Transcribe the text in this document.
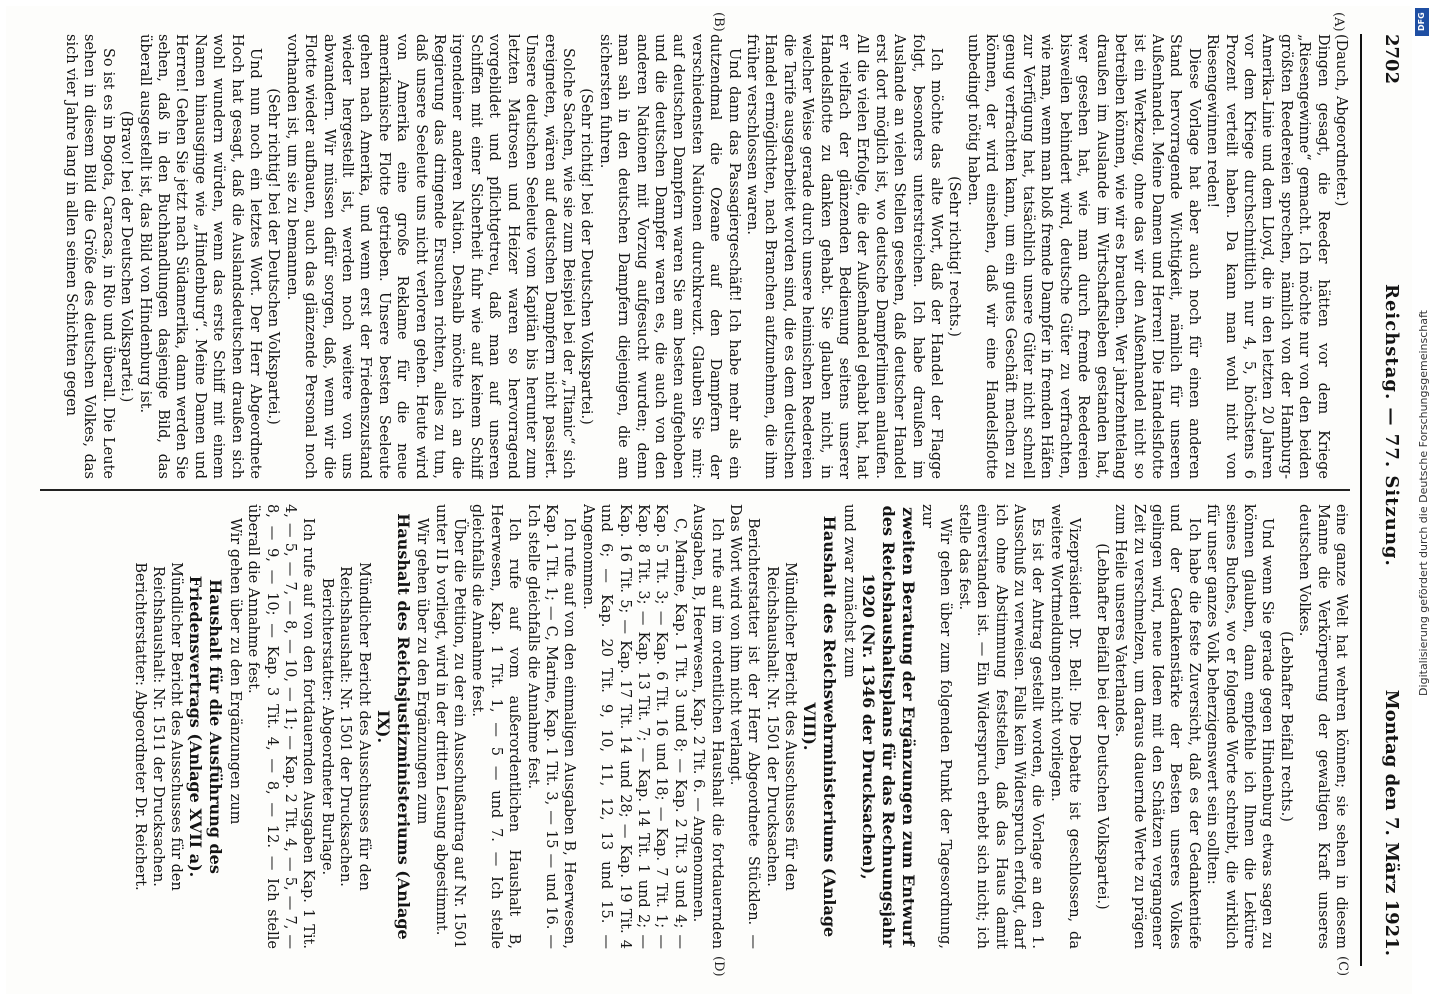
2702
Reichstag. — 77. Sitzung.
Montag den 7. März 1921.
(A)
(B)
(C)
(D)

(Dauch, Abgeordneter.)

Dingen gesagt, die Reeder hätten vor dem Kriege „Riesengewinne“ gemacht. Ich möchte nur von den beiden größten Reedereien sprechen, nämlich von der Hamburg-Amerika-Linie und dem Lloyd, die in den letzten 20 Jahren vor dem Kriege durchschnittlich nur 4, 5, höchstens 6 Prozent verteilt haben. Da kann man wohl nicht von Riesengewinnen reden!

Diese Vorlage hat aber auch noch für einen anderen Stand hervorragende Wichtigkeit, nämlich für unseren Außenhandel. Meine Damen und Herren! Die Handelsflotte ist ein Werkzeug, ohne das wir den Außenhandel nicht so betreiben können, wie wir es brauchen. Wer jahrzehntelang draußen im Auslande im Wirtschaftsleben gestanden hat, wer gesehen hat, wie man durch fremde Reedereien bisweilen behindert wird, deutsche Güter zu verfrachten, wie man, wenn man bloß fremde Dampfer in fremden Häfen zur Verfügung hat, tatsächlich unsere Güter nicht schnell genug verfrachten kann, um ein gutes Geschäft machen zu können, der wird einsehen, daß wir eine Handelsflotte unbedingt nötig haben.

(Sehr richtig! rechts.)

Ich möchte das alte Wort, daß der Handel der Flagge folgt, besonders unterstreichen. Ich habe draußen im Auslande an vielen Stellen gesehen, daß deutscher Handel erst dort möglich ist, wo deutsche Dampferlinien anlaufen. All die vielen Erfolge, die der Außenhandel gehabt hat, hat er vielfach der glänzenden Bedienung seitens unserer Handelsflotte zu danken gehabt. Sie glauben nicht, in welcher Weise gerade durch unsere heimischen Reedereien die Tarife ausgearbeitet worden sind, die es dem deutschen Handel ermöglichten, nach Branchen aufzunehmen, die ihm früher verschlossen waren.

Und dann das Passagiergeschäft! Ich habe mehr als ein dutzendmal die Ozeane auf den Dampfern der verschiedensten Nationen durchkreuzt. Glauben Sie mir: auf deutschen Dampfern waren Sie am besten aufgehoben und die deutschen Dampfer waren es, die auch von den anderen Nationen mit Vorzug aufgesucht wurden; denn man sah in den deutschen Dampfern diejenigen, die am sichersten fuhren.

(Sehr richtig! bei der Deutschen Volkspartei.)

Solche Sachen, wie sie zum Beispiel bei der „Titanic“ sich ereigneten, wären auf deutschen Dampfern nicht passiert. Unsere deutschen Seeleute vom Kapitän bis herunter zum letzten Matrosen und Heizer waren so hervorragend vorgebildet und pflichtgetreu, daß man auf unseren Schiffen mit einer Sicherheit fuhr wie auf keinem Schiff irgendeiner anderen Nation. Deshalb möchte ich an die Regierung das dringende Ersuchen richten, alles zu tun, daß unsere Seeleute uns nicht verloren gehen. Heute wird von Amerika eine große Reklame für die neue amerikanische Flotte getrieben. Unsere besten Seeleute gehen nach Amerika, und wenn erst der Friedenszustand wieder hergestellt ist, werden noch weitere von uns abwandern. Wir müssen dafür sorgen, daß, wenn wir die Flotte wieder aufbauen, auch das glänzende Personal noch vorhanden ist, um sie zu bemannen.

(Sehr richtig! bei der Deutschen Volkspartei.)

Und nun noch ein letztes Wort. Der Herr Abgeordnete Hoch hat gesagt, daß die Auslandsdeutschen draußen sich wohl wundern würden, wenn das erste Schiff mit einem Namen hinausginge wie „Hindenburg“. Meine Damen und Herren! Gehen Sie jetzt nach Südamerika, dann werden Sie sehen, daß in den Buchhandlungen dasjenige Bild, das überall ausgestellt ist, das Bild von Hindenburg ist.

(Bravo! bei der Deutschen Volkspartei.)

So ist es in Bogota, Caracas, in Rio und überall. Die Leute sehen in diesem Bild die Größe des deutschen Volkes, das sich vier Jahre lang in allen seinen Schichten gegen

eine ganze Welt hat wehren können; sie sehen in diesem Manne die Verkörperung der gewaltigen Kraft unseres deutschen Volkes.

(Lebhafter Beifall rechts.)

Und wenn Sie gerade gegen Hindenburg etwas sagen zu können glauben, dann empfehle ich Ihnen die Lektüre seines Buches, wo er folgende Worte schreibt, die wirklich für unser ganzes Volk beherzigenswert sein sollten:

Ich habe die feste Zuversicht, daß es der Gedankentiefe und der Gedankenstärke der Besten unseres Volkes gelingen wird, neue Ideen mit den Schätzen vergangener Zeit zu verschmelzen, um daraus dauernde Werte zu prägen zum Heile unseres Vaterlandes.

(Lebhafter Beifall bei der Deutschen Volkspartei.)

Vizepräsident Dr. Bell: Die Debatte ist geschlossen, da weitere Wortmeldungen nicht vorliegen.

Es ist der Antrag gestellt worden, die Vorlage an den 1. Ausschuß zu verweisen. Falls kein Widerspruch erfolgt, darf ich ohne Abstimmung feststellen, daß das Haus damit einverstanden ist. — Ein Widerspruch erhebt sich nicht; ich stelle das fest.

Wir gehen über zum folgenden Punkt der Tagesordnung, zur

zweiten Beratung der Ergänzungen zum Entwurf des Reichshaushaltsplans für das Rechnungsjahr 1920 (Nr. 1346 der Drucksachen),

und zwar zunächst zum

Haushalt des Reichswehrministeriums (Anlage VIII).

Mündlicher Bericht des Ausschusses für den Reichshaushalt: Nr. 1501 der Drucksachen.

Berichterstatter ist der Herr Abgeordnete Stücklen. — Das Wort wird von ihm nicht verlangt.

Ich rufe auf im ordentlichen Haushalt die fortdauernden Ausgaben, B, Heerwesen, Kap. 2 Tit. 6. — Angenommen.

C, Marine, Kap. 1 Tit. 3 und 8; — Kap. 2 Tit. 3 und 4; — Kap. 5 Tit. 3; — Kap. 6 Tit. 16 und 18; — Kap. 7 Tit. 1; — Kap. 8 Tit. 3; — Kap. 13 Tit. 7; — Kap. 14 Tit. 1 und 2; — Kap. 16 Tit. 5; — Kap. 17 Tit. 14 und 28; — Kap. 19 Tit. 4 und 6; — Kap. 20 Tit. 9, 10, 11, 12, 13 und 15. — Angenommen.

Ich rufe auf von den einmaligen Ausgaben B, Heerwesen, Kap. 1 Tit. 1; — C, Marine, Kap. 1 Tit. 3, — 15 — und 16. — Ich stelle gleichfalls die Annahme fest.

Ich rufe auf vom außerordentlichen Haushalt B, Heerwesen, Kap. 1 Tit. 1, — 5 — und 7. — Ich stelle gleichfalls die Annahme fest.

Über die Petition, zu der ein Ausschußantrag auf Nr. 1501 unter II b vorliegt, wird in der dritten Lesung abgestimmt.

Wir gehen über zu den Ergänzungen zum

Haushalt des Reichsjustizministeriums (Anlage IX).

Mündlicher Bericht des Ausschusses für den Reichshaushalt: Nr. 1501 der Drucksachen.

Berichterstatter: Abgeordneter Burlage.

Ich rufe auf von den fortdauernden Ausgaben Kap. 1 Tit. 4, — 5, — 7, — 8, — 10, — 11; — Kap. 2 Tit. 4, — 5, — 7, — 8, — 9, — 10; — Kap. 3 Tit. 4, — 8, — 12. — Ich stelle überall die Annahme fest.

Wir gehen über zu den Ergänzungen zum

Haushalt für die Ausführung des Friedensvertrags (Anlage XVII a).

Mündlicher Bericht des Ausschusses für den Reichshaushalt: Nr. 1511 der Drucksachen.

Berichterstatter: Abgeordneter Dr. Reichert.

DFG
Digitalisierung gefördert durch die Deutsche Forschungsgemeinschaft
